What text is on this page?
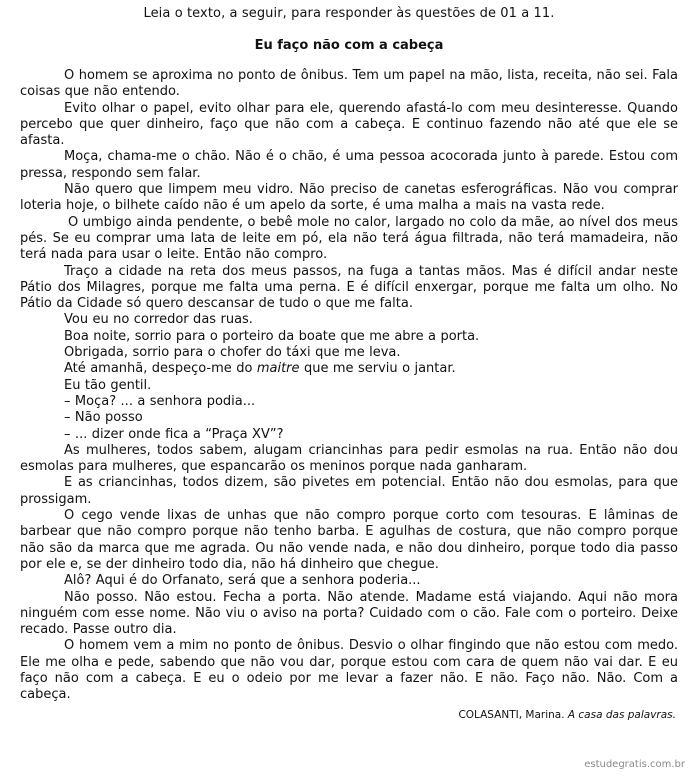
Leia o texto, a seguir, para responder às questões de 01 a 11.

Eu faço não com a cabeça

O homem se aproxima no ponto de ônibus. Tem um papel na mão, lista, receita, não sei. Fala coisas que não entendo.

Evito olhar o papel, evito olhar para ele, querendo afastá-lo com meu desinteresse. Quando percebo que quer dinheiro, faço que não com a cabeça. E continuo fazendo não até que ele se afasta.

Moça, chama-me o chão. Não é o chão, é uma pessoa acocorada junto à parede. Estou com pressa, respondo sem falar.

Não quero que limpem meu vidro. Não preciso de canetas esferográficas. Não vou comprar loteria hoje, o bilhete caído não é um apelo da sorte, é uma malha a mais na vasta rede.

O umbigo ainda pendente, o bebê mole no calor, largado no colo da mãe, ao nível dos meus pés. Se eu comprar uma lata de leite em pó, ela não terá água filtrada, não terá mamadeira, não terá nada para usar o leite. Então não compro.

Traço a cidade na reta dos meus passos, na fuga a tantas mãos. Mas é difícil andar neste Pátio dos Milagres, porque me falta uma perna. E é difícil enxergar, porque me falta um olho. No Pátio da Cidade só quero descansar de tudo o que me falta.

Vou eu no corredor das ruas.

Boa noite, sorrio para o porteiro da boate que me abre a porta.

Obrigada, sorrio para o chofer do táxi que me leva.

Até amanhã, despeço-me do maitre que me serviu o jantar.

Eu tão gentil.

– Moça? ... a senhora podia...

– Não posso

– ... dizer onde fica a “Praça XV”?

As mulheres, todos sabem, alugam criancinhas para pedir esmolas na rua. Então não dou esmolas para mulheres, que espancarão os meninos porque nada ganharam.

E as criancinhas, todos dizem, são pivetes em potencial. Então não dou esmolas, para que prossigam.

O cego vende lixas de unhas que não compro porque corto com tesouras. E lâminas de barbear que não compro porque não tenho barba. E agulhas de costura, que não compro porque não são da marca que me agrada. Ou não vende nada, e não dou dinheiro, porque todo dia passo por ele e, se der dinheiro todo dia, não há dinheiro que chegue.

Alô? Aqui é do Orfanato, será que a senhora poderia...

Não posso. Não estou. Fecha a porta. Não atende. Madame está viajando. Aqui não mora ninguém com esse nome. Não viu o aviso na porta? Cuidado com o cão. Fale com o porteiro. Deixe recado. Passe outro dia.

O homem vem a mim no ponto de ônibus. Desvio o olhar fingindo que não estou com medo. Ele me olha e pede, sabendo que não vou dar, porque estou com cara de quem não vai dar. E eu faço não com a cabeça. E eu o odeio por me levar a fazer não. E não. Faço não. Não. Com a cabeça.

COLASANTI, Marina. A casa das palavras.
estudegratis.com.br
